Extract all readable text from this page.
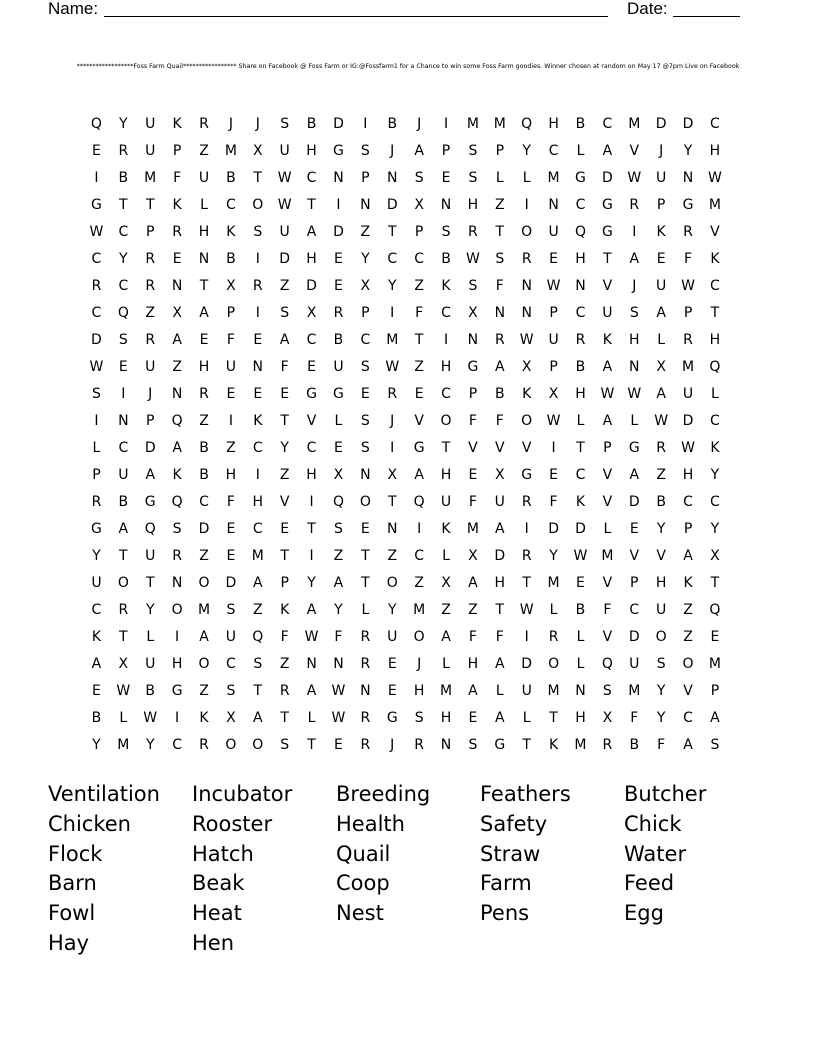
Name:	Date:
******************Foss Farm Quail***************** Share on Facebook @ Foss Farm or IG:@Fossfarm1 for a Chance to win some Foss Farm goodies. Winner chosen at random on May 17 @7pm Live on Facebook
Q	Y	U	K	R	J	J	S	B	D	I	B	J	I	M	M	Q	H	B	C	M	D	D	C
E	R	U	P	Z	M	X	U	H	G	S	J	A	P	S	P	Y	C	L	A	V	J	Y	H
I	B	M	F	U	B	T	W	C	N	P	N	S	E	S	L	L	M	G	D	W	U	N	W
G	T	T	K	L	C	O	W	T	I	N	D	X	N	H	Z	I	N	C	G	R	P	G	M
W	C	P	R	H	K	S	U	A	D	Z	T	P	S	R	T	O	U	Q	G	I	K	R	V
C	Y	R	E	N	B	I	D	H	E	Y	C	C	B	W	S	R	E	H	T	A	E	F	K
R	C	R	N	T	X	R	Z	D	E	X	Y	Z	K	S	F	N	W	N	V	J	U	W	C
C	Q	Z	X	A	P	I	S	X	R	P	I	F	C	X	N	N	P	C	U	S	A	P	T
D	S	R	A	E	F	E	A	C	B	C	M	T	I	N	R	W	U	R	K	H	L	R	H
W	E	U	Z	H	U	N	F	E	U	S	W	Z	H	G	A	X	P	B	A	N	X	M	Q
S	I	J	N	R	E	E	E	G	G	E	R	E	C	P	B	K	X	H	W W	A	U	L
I	N	P	Q	Z	I	K	T	V	L	S	J	V	O	F	F	O	W	L	A	L	W	D	C
L	C	D	A	B	Z	C	Y	C	E	S	I	G	T	V	V	V	I	T	P	G	R	W	K
P	U	A	K	B	H	I	Z	H	X	N	X	A	H	E	X	G	E	C	V	A	Z	H	Y
R	B	G	Q	C	F	H	V	I	Q	O	T	Q	U	F	U	R	F	K	V	D	B	C	C
G	A	Q	S	D	E	C	E	T	S	E	N	I	K	M	A	I	D	D	L	E	Y	P	Y
Y	T	U	R	Z	E	M	T	I	Z	T	Z	C	L	X	D	R	Y	W M	V	V	A	X
U	O	T	N	O	D	A	P	Y	A	T	O	Z	X	A	H	T	M	E	V	P	H	K	T
C	R	Y	O	M	S	Z	K	A	Y	L	Y	M	Z	Z	T	W	L	B	F	C	U	Z	Q
K	T	L	I	A	U	Q	F	W	F	R	U	O	A	F	F	I	R	L	V	D	O	Z	E
A	X	U	H	O	C	S	Z	N	N	R	E	J	L	H	A	D	O	L	Q	U	S	O	M
E	W	B	G	Z	S	T	R	A	W	N	E	H	M	A	L	U	M	N	S	M	Y	V	P
B	L	W	I	K	X	A	T	L	W	R	G	S	H	E	A	L	T	H	X	F	Y	C	A
Y	M	Y	C	R	O	O	S	T	E	R	J	R	N	S	G	T	K	M	R	B	F	A	S
Ventilation	Incubator	Breeding	Feathers	Butcher
Chicken	Rooster	Health	Safety	Chick
Flock	Hatch	Quail	Straw	Water
Barn	Beak	Coop	Farm	Feed
Fowl	Heat	Nest	Pens	Egg
Hay	Hen
